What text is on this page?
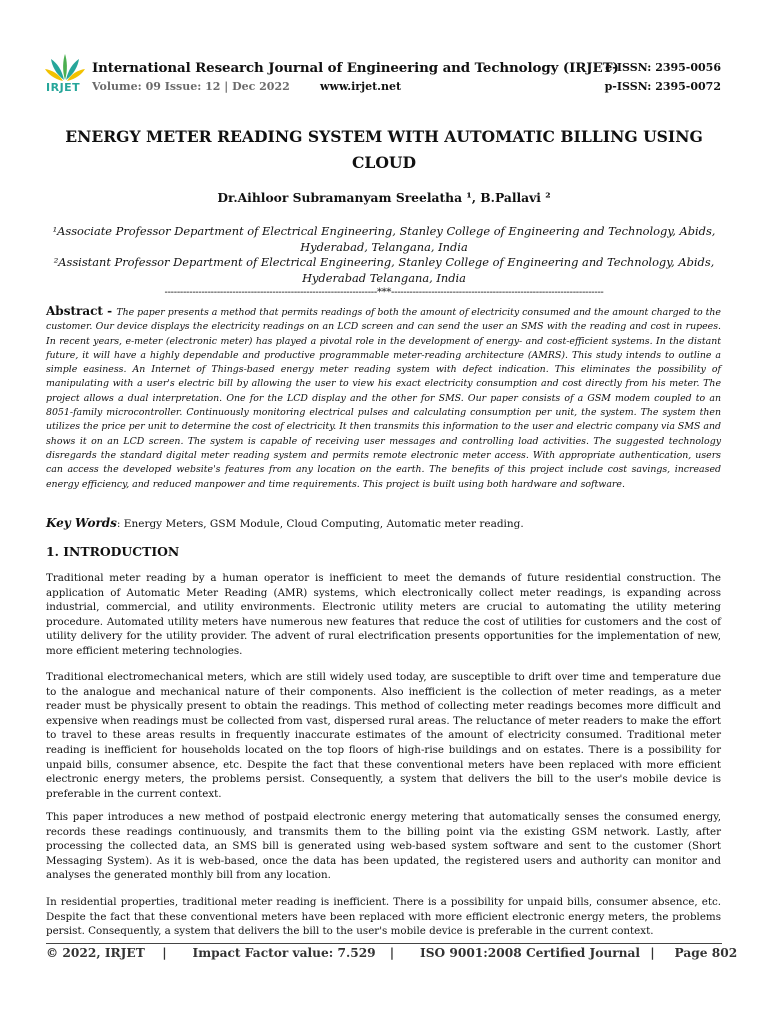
IRJET
International Research Journal of Engineering and Technology (IRJET)
Volume: 09 Issue: 12 | Dec 2022	www.irjet.net
e-ISSN: 2395-0056
p-ISSN: 2395-0072
ENERGY METER READING SYSTEM WITH AUTOMATIC BILLING USING CLOUD
Dr.Aihloor Subramanyam Sreelatha ¹, B.Pallavi ²
¹Associate Professor Department of Electrical Engineering, Stanley College of Engineering and Technology, Abids, Hyderabad, Telangana, India
²Assistant Professor Department of Electrical Engineering, Stanley College of Engineering and Technology, Abids, Hyderabad Telangana, India
---------------------------------------------------------------------***---------------------------------------------------------------------
Abstract - The paper presents a method that permits readings of both the amount of electricity consumed and the amount charged to the customer. Our device displays the electricity readings on an LCD screen and can send the user an SMS with the reading and cost in rupees. In recent years, e-meter (electronic meter) has played a pivotal role in the development of energy- and cost-efficient systems. In the distant future, it will have a highly dependable and productive programmable meter-reading architecture (AMRS). This study intends to outline a simple easiness. An Internet of Things-based energy meter reading system with defect indication. This eliminates the possibility of manipulating with a user's electric bill by allowing the user to view his exact electricity consumption and cost directly from his meter. The project allows a dual interpretation. One for the LCD display and the other for SMS. Our paper consists of a GSM modem coupled to an 8051-family microcontroller. Continuously monitoring electrical pulses and calculating consumption per unit, the system. The system then utilizes the price per unit to determine the cost of electricity. It then transmits this information to the user and electric company via SMS and shows it on an LCD screen. The system is capable of receiving user messages and controlling load activities. The suggested technology disregards the standard digital meter reading system and permits remote electronic meter access. With appropriate authentication, users can access the developed website's features from any location on the earth. The benefits of this project include cost savings, increased energy efficiency, and reduced manpower and time requirements. This project is built using both hardware and software.
Key Words: Energy Meters, GSM Module, Cloud Computing, Automatic meter reading.
1. INTRODUCTION
Traditional meter reading by a human operator is inefficient to meet the demands of future residential construction. The application of Automatic Meter Reading (AMR) systems, which electronically collect meter readings, is expanding across industrial, commercial, and utility environments. Electronic utility meters are crucial to automating the utility metering procedure. Automated utility meters have numerous new features that reduce the cost of utilities for customers and the cost of utility delivery for the utility provider. The advent of rural electrification presents opportunities for the implementation of new, more efficient metering technologies.
Traditional electromechanical meters, which are still widely used today, are susceptible to drift over time and temperature due to the analogue and mechanical nature of their components. Also inefficient is the collection of meter readings, as a meter reader must be physically present to obtain the readings. This method of collecting meter readings becomes more difficult and expensive when readings must be collected from vast, dispersed rural areas. The reluctance of meter readers to make the effort to travel to these areas results in frequently inaccurate estimates of the amount of electricity consumed. Traditional meter reading is inefficient for households located on the top floors of high-rise buildings and on estates. There is a possibility for unpaid bills, consumer absence, etc. Despite the fact that these conventional meters have been replaced with more efficient electronic energy meters, the problems persist. Consequently, a system that delivers the bill to the user's mobile device is preferable in the current context.
This paper introduces a new method of postpaid electronic energy metering that automatically senses the consumed energy, records these readings continuously, and transmits them to the billing point via the existing GSM network. Lastly, after processing the collected data, an SMS bill is generated using web-based system software and sent to the customer (Short Messaging System). As it is web-based, once the data has been updated, the registered users and authority can monitor and analyses the generated monthly bill from any location.
In residential properties, traditional meter reading is inefficient. There is a possibility for unpaid bills, consumer absence, etc. Despite the fact that these conventional meters have been replaced with more efficient electronic energy meters, the problems persist. Consequently, a system that delivers the bill to the user's mobile device is preferable in the current context.
© 2022, IRJET | Impact Factor value: 7.529 | ISO 9001:2008 Certified Journal | Page 802
